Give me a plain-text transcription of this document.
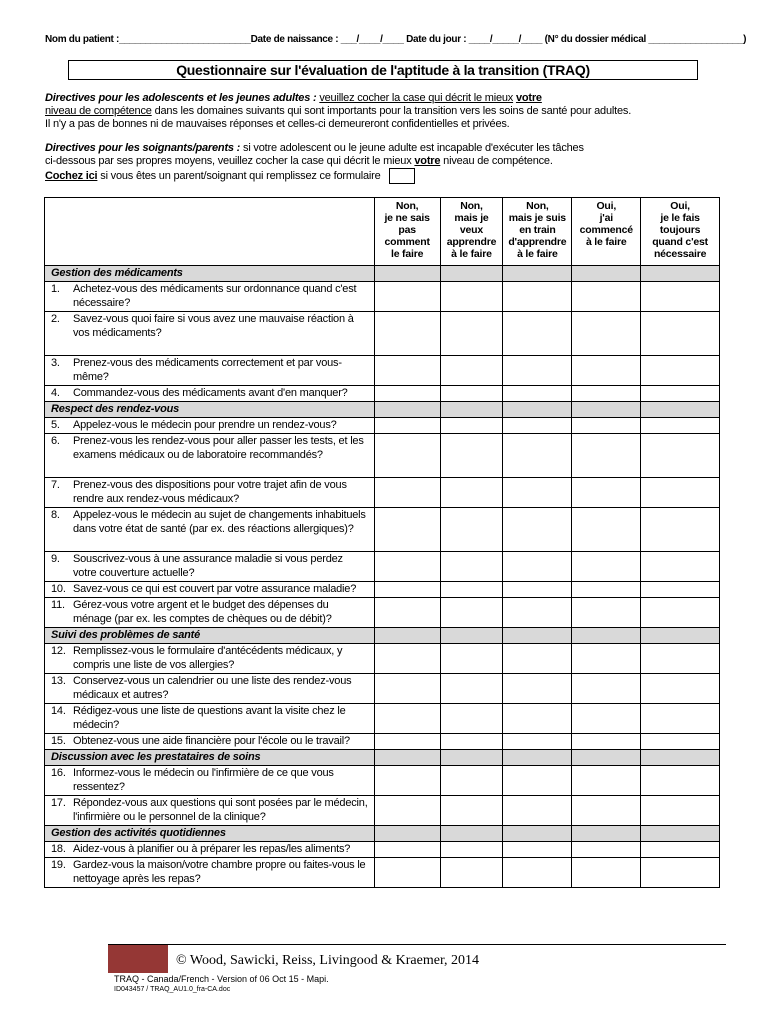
Nom du patient :_________________________Date de naissance : ___/____/____ Date du jour : ____/_____/____ (N° du dossier médical __________________)
Questionnaire sur l'évaluation de l'aptitude à la transition (TRAQ)
Directives pour les adolescents et les jeunes adultes : veuillez cocher la case qui décrit le mieux votre
niveau de compétence dans les domaines suivants qui sont importants pour la transition vers les soins de santé pour adultes.
Il n'y a pas de bonnes ni de mauvaises réponses et celles-ci demeureront confidentielles et privées.
Directives pour les soignants/parents : si votre adolescent ou le jeune adulte est incapable d'exécuter les tâches
ci-dessous par ses propres moyens, veuillez cocher la case qui décrit le mieux votre niveau de compétence.
Cochez ici si vous êtes un parent/soignant qui remplissez ce formulaire
	Non,
je ne sais
pas
comment
le faire	Non,
mais je
veux
apprendre
à le faire	Non,
mais je suis
en train
d'apprendre
à le faire	Oui,
j'ai
commencé
à le faire	Oui,
je le fais
toujours
quand c'est
nécessaire
Gestion des médicaments					
1. Achetez-vous des médicaments sur ordonnance quand c'est nécessaire?					
2. Savez-vous quoi faire si vous avez une mauvaise réaction à vos médicaments?					
3. Prenez-vous des médicaments correctement et par vous-même?					
4. Commandez-vous des médicaments avant d'en manquer?					
Respect des rendez-vous					
5. Appelez-vous le médecin pour prendre un rendez-vous?					
6. Prenez-vous les rendez-vous pour aller passer les tests, et les examens médicaux ou de laboratoire recommandés?					
7. Prenez-vous des dispositions pour votre trajet afin de vous rendre aux rendez-vous médicaux?					
8. Appelez-vous le médecin au sujet de changements inhabituels dans votre état de santé (par ex. des réactions allergiques)?					
9. Souscrivez-vous à une assurance maladie si vous perdez votre couverture actuelle?					
10. Savez-vous ce qui est couvert par votre assurance maladie?					
11. Gérez-vous votre argent et le budget des dépenses du ménage (par ex. les comptes de chèques ou de débit)?					
Suivi des problèmes de santé					
12. Remplissez-vous le formulaire d'antécédents médicaux, y compris une liste de vos allergies?					
13. Conservez-vous un calendrier ou une liste des rendez-vous médicaux et autres?					
14. Rédigez-vous une liste de questions avant la visite chez le médecin?					
15. Obtenez-vous une aide financière pour l'école ou le travail?					
Discussion avec les prestataires de soins					
16. Informez-vous le médecin ou l'infirmière de ce que vous ressentez?					
17. Répondez-vous aux questions qui sont posées par le médecin, l'infirmière ou le personnel de la clinique?					
Gestion des activités quotidiennes					
18. Aidez-vous à planifier ou à préparer les repas/les aliments?					
19. Gardez-vous la maison/votre chambre propre ou faites-vous le nettoyage après les repas?					
© Wood, Sawicki, Reiss, Livingood & Kraemer, 2014
TRAQ - Canada/French - Version of 06 Oct 15 - Mapi.
ID043457 / TRAQ_AU1.0_fra-CA.doc
